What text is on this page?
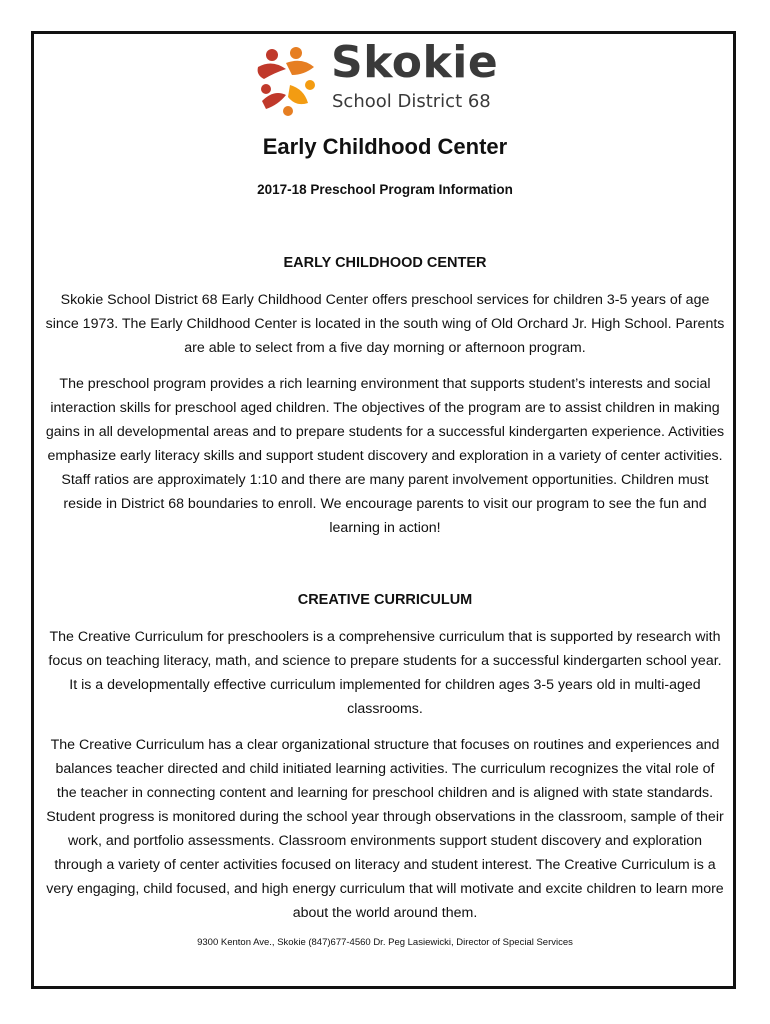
Skokie
School District 68
Early Childhood Center
2017-18 Preschool Program Information
EARLY CHILDHOOD CENTER

Skokie School District 68 Early Childhood Center offers preschool services for children 3-5 years of age since 1973. The Early Childhood Center is located in the south wing of Old Orchard Jr. High School. Parents are able to select from a five day morning or afternoon program.

The preschool program provides a rich learning environment that supports student’s interests and social interaction skills for preschool aged children. The objectives of the program are to assist children in making gains in all developmental areas and to prepare students for a successful kindergarten experience. Activities emphasize early literacy skills and support student discovery and exploration in a variety of center activities. Staff ratios are approximately 1:10 and there are many parent involvement opportunities. Children must reside in District 68 boundaries to enroll. We encourage parents to visit our program to see the fun and learning in action!

CREATIVE CURRICULUM

The Creative Curriculum for preschoolers is a comprehensive curriculum that is supported by research with focus on teaching literacy, math, and science to prepare students for a successful kindergarten school year. It is a developmentally effective curriculum implemented for children ages 3-5 years old in multi-aged classrooms.

The Creative Curriculum has a clear organizational structure that focuses on routines and experiences and balances teacher directed and child initiated learning activities. The curriculum recognizes the vital role of the teacher in connecting content and learning for preschool children and is aligned with state standards. Student progress is monitored during the school year through observations in the classroom, sample of their work, and portfolio assessments. Classroom environments support student discovery and exploration through a variety of center activities focused on literacy and student interest. The Creative Curriculum is a very engaging, child focused, and high energy curriculum that will motivate and excite children to learn more about the world around them.

9300 Kenton Ave., Skokie (847)677-4560 Dr. Peg Lasiewicki, Director of Special Services
